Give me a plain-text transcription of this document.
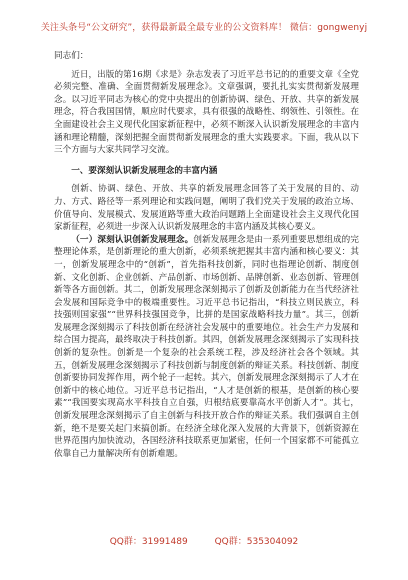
关注头条号“公文研究”，获得最新最全最专业的公文资料库！ 微信：gongwenyj

同志们：

近日，出版的第16期《求是》杂志发表了习近平总书记的的重要文章《全党必须完整、准确、全面贯彻新发展理念》。文章强调，要扎扎实实贯彻新发展理念。以习近平同志为核心的党中央提出的创新协调、绿色、开放、共享的新发展理念，符合我国国情，顺应时代要求，具有很强的战略性、纲领性、引领性。在全面建设社会主义现代化国家新征程中，必须不断深入认识新发展理念的丰富内涵和理论精髓，深刻把握全面贯彻新发展理念的重大实践要求。下面，我从以下三个方面与大家共同学习交流。

一、要深刻认识新发展理念的丰富内涵

创新、协调、绿色、开放、共享的新发展理念回答了关于发展的目的、动力、方式、路径等一系列理论和实践问题，阐明了我们党关于发展的政治立场、价值导向、发展模式、发展道路等重大政治问题踏上全面建设社会主义现代化国家新征程，必须进一步深入认识新发展理念的丰富内涵及其核心要义。

（一）深刻认识创新发展理念。创新发展理念是由一系列重要思想组成的完整理论体系，是创新理论的重大创新，必须系统把握其丰富内涵和核心要义：其一，创新发展理念中的“创新”，首先指科技创新，同时也指理论创新、制度创新、文化创新、企业创新、产品创新、市场创新、品牌创新、业态创新、管理创新等各方面创新。其二，创新发展理念深刻揭示了创新及创新能力在当代经济社会发展和国际竞争中的极端重要性。习近平总书记指出，“科技立则民族立，科技强则国家强”“世界科技强国竞争，比拼的是国家战略科技力量”。其三，创新发展理念深刻揭示了科技创新在经济社会发展中的重要地位。社会生产力发展和综合国力提高，最终取决于科技创新。其四，创新发展理念深刻揭示了实现科技创新的复杂性。创新是一个复杂的社会系统工程，涉及经济社会各个领域。其五，创新发展理念深刻揭示了科技创新与制度创新的辩证关系。科技创新、制度创新要协同发挥作用，两个轮子一起转。其六，创新发展理念深刻揭示了人才在创新中的核心地位。习近平总书记指出，“人才是创新的根基，是创新的核心要素”“我国要实现高水平科技自立自强，归根结底要靠高水平创新人才”。其七，创新发展理念深刻揭示了自主创新与科技开放合作的辩证关系。我们强调自主创新，绝不是要关起门来搞创新。在经济全球化深入发展的大背景下，创新资源在世界范围内加快流动，各国经济科技联系更加紧密，任何一个国家都不可能孤立依靠自己力量解决所有创新难题。

QQ群：31991489	QQ群：535304092
